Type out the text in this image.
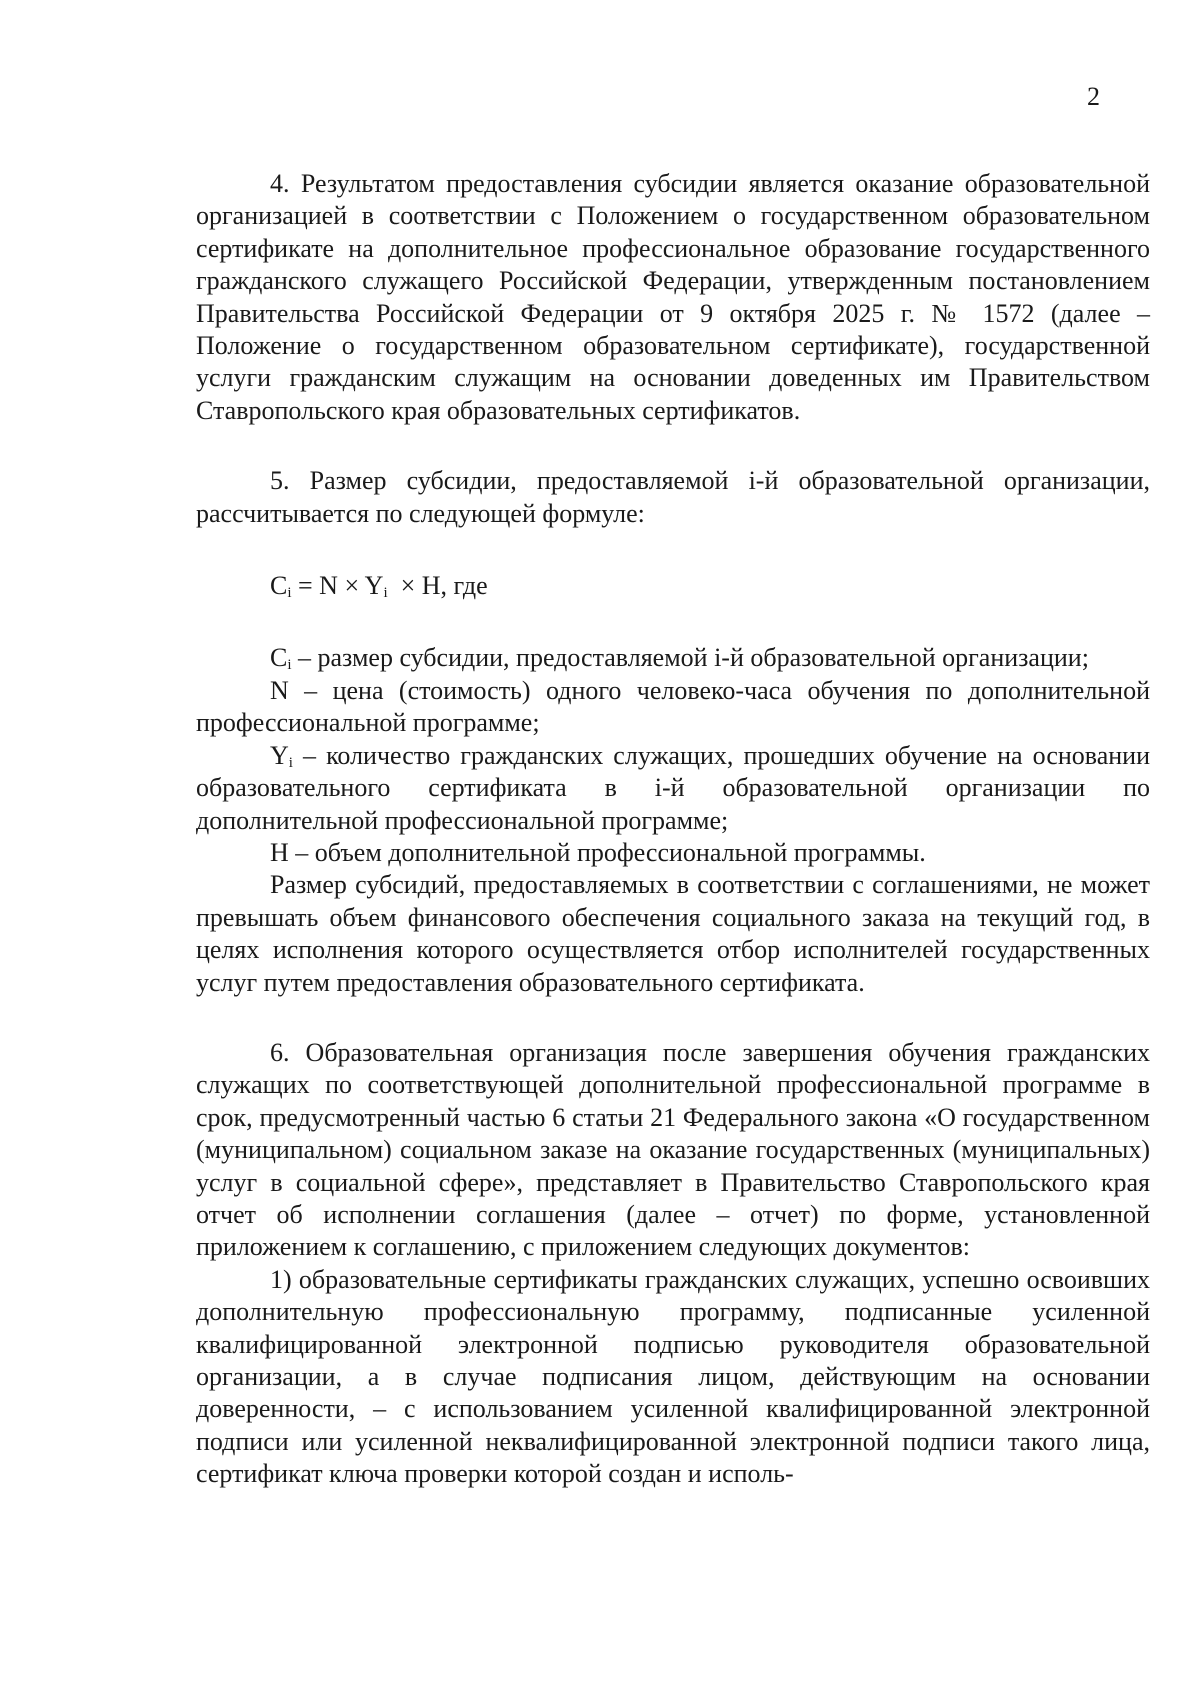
2

4. Результатом предоставления субсидии является оказание образовательной организацией в соответствии с Положением о государственном образовательном сертификате на дополнительное профессиональное образование государственного гражданского служащего Российской Федерации, утвержденным постановлением Правительства Российской Федерации от 9 октября 2025 г. № 1572 (далее – Положение о государственном образовательном сертификате), государственной услуги гражданским служащим на основании доведенных им Правительством Ставропольского края образовательных сертификатов.

5. Размер субсидии, предоставляемой i-й образовательной организации, рассчитывается по следующей формуле:

$C_i = N \times Y_i \times Н$, где

$C_i$ – размер субсидии, предоставляемой i-й образовательной организации;

N – цена (стоимость) одного человеко-часа обучения по дополнительной профессиональной программе;

$Y_i$ – количество гражданских служащих, прошедших обучение на основании образовательного сертификата в i-й образовательной организации по дополнительной профессиональной программе;

Н – объем дополнительной профессиональной программы.

Размер субсидий, предоставляемых в соответствии с соглашениями, не может превышать объем финансового обеспечения социального заказа на текущий год, в целях исполнения которого осуществляется отбор исполнителей государственных услуг путем предоставления образовательного сертификата.

6. Образовательная организация после завершения обучения гражданских служащих по соответствующей дополнительной профессиональной программе в срок, предусмотренный частью 6 статьи 21 Федерального закона «О государственном (муниципальном) социальном заказе на оказание государственных (муниципальных) услуг в социальной сфере», представляет в Правительство Ставропольского края отчет об исполнении соглашения (далее – отчет) по форме, установленной приложением к соглашению, с приложением следующих документов:

1) образовательные сертификаты гражданских служащих, успешно освоивших дополнительную профессиональную программу, подписанные усиленной квалифицированной электронной подписью руководителя образовательной организации, а в случае подписания лицом, действующим на основании доверенности, – с использованием усиленной квалифицированной электронной подписи или усиленной неквалифицированной электронной подписи такого лица, сертификат ключа проверки которой создан и исполь-
